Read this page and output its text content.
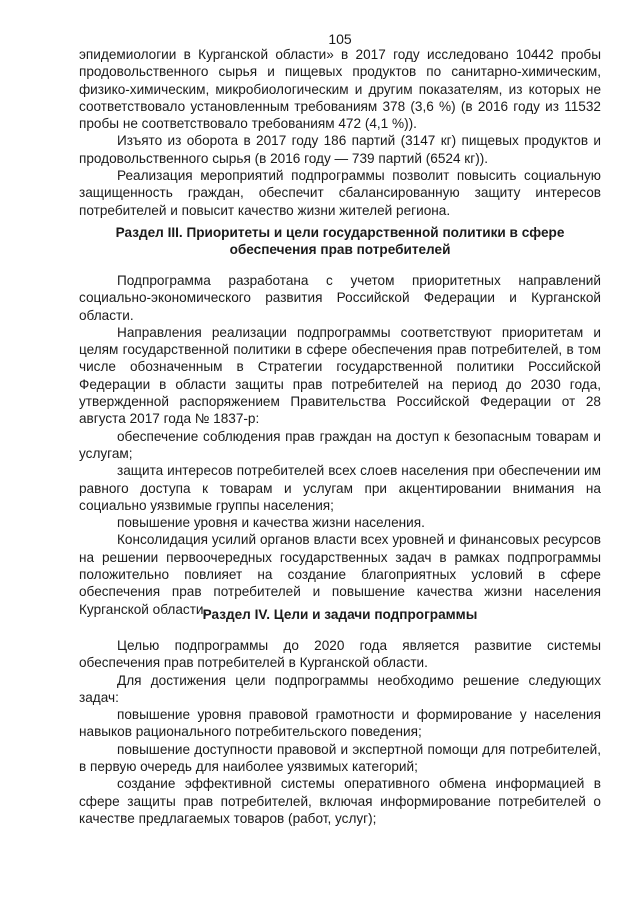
105

эпидемиологии в Курганской области» в 2017 году исследовано 10442 пробы продовольственного сырья и пищевых продуктов по санитарно-химическим, физико-химическим, микробиологическим и другим показателям, из которых не соответствовало установленным требованиям 378 (3,6 %) (в 2016 году из 11532 пробы не соответствовало требованиям 472 (4,1 %)).

Изъято из оборота в 2017 году 186 партий (3147 кг) пищевых продуктов и продовольственного сырья (в 2016 году — 739 партий (6524 кг)).

Реализация мероприятий подпрограммы позволит повысить социальную защищенность граждан, обеспечит сбалансированную защиту интересов потребителей и повысит качество жизни жителей региона.

Раздел III. Приоритеты и цели государственной политики в сфере
обеспечения прав потребителей

Подпрограмма разработана с учетом приоритетных направлений социально-экономического развития Российской Федерации и Курганской области.

Направления реализации подпрограммы соответствуют приоритетам и целям государственной политики в сфере обеспечения прав потребителей, в том числе обозначенным в Стратегии государственной политики Российской Федерации в области защиты прав потребителей на период до 2030 года, утвержденной распоряжением Правительства Российской Федерации от 28 августа 2017 года № 1837-р:

обеспечение соблюдения прав граждан на доступ к безопасным товарам и услугам;

защита интересов потребителей всех слоев населения при обеспечении им равного доступа к товарам и услугам при акцентировании внимания на социально уязвимые группы населения;

повышение уровня и качества жизни населения.

Консолидация усилий органов власти всех уровней и финансовых ресурсов на решении первоочередных государственных задач в рамках подпрограммы положительно повлияет на создание благоприятных условий в сфере обеспечения прав потребителей и повышение качества жизни населения Курганской области.

Раздел IV. Цели и задачи подпрограммы

Целью подпрограммы до 2020 года является развитие системы обеспечения прав потребителей в Курганской области.

Для достижения цели подпрограммы необходимо решение следующих задач:

повышение уровня правовой грамотности и формирование у населения навыков рационального потребительского поведения;

повышение доступности правовой и экспертной помощи для потребителей, в первую очередь для наиболее уязвимых категорий;

создание эффективной системы оперативного обмена информацией в сфере защиты прав потребителей, включая информирование потребителей о качестве предлагаемых товаров (работ, услуг);
